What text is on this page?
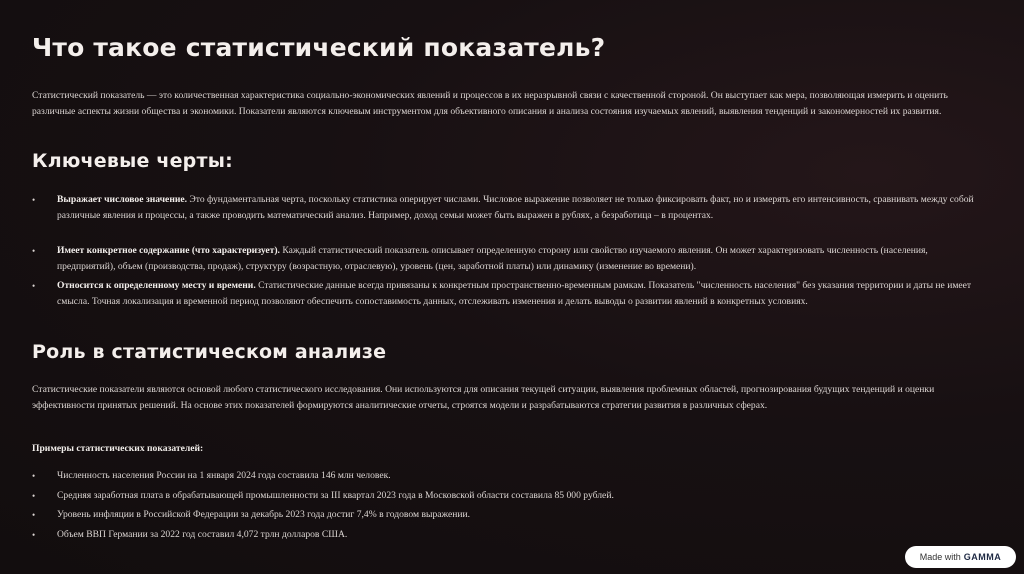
Что такое статистический показатель?

Статистический показатель — это количественная характеристика социально-экономических явлений и процессов в их неразрывной связи с качественной стороной. Он выступает как мера, позволяющая измерить и оценить различные аспекты жизни общества и экономики. Показатели являются ключевым инструментом для объективного описания и анализа состояния изучаемых явлений, выявления тенденций и закономерностей их развития.

Ключевые черты:
• Выражает числовое значение. Это фундаментальная черта, поскольку статистика оперирует числами. Числовое выражение позволяет не только фиксировать факт, но и измерять его интенсивность, сравнивать между собой различные явления и процессы, а также проводить математический анализ. Например, доход семьи может быть выражен в рублях, а безработица – в процентах.
• Имеет конкретное содержание (что характеризует). Каждый статистический показатель описывает определенную сторону или свойство изучаемого явления. Он может характеризовать численность (населения, предприятий), объем (производства, продаж), структуру (возрастную, отраслевую), уровень (цен, заработной платы) или динамику (изменение во времени).
• Относится к определенному месту и времени. Статистические данные всегда привязаны к конкретным пространственно-временным рамкам. Показатель "численность населения" без указания территории и даты не имеет смысла. Точная локализация и временной период позволяют обеспечить сопоставимость данных, отслеживать изменения и делать выводы о развитии явлений в конкретных условиях.
Роль в статистическом анализе

Статистические показатели являются основой любого статистического исследования. Они используются для описания текущей ситуации, выявления проблемных областей, прогнозирования будущих тенденций и оценки эффективности принятых решений. На основе этих показателей формируются аналитические отчеты, строятся модели и разрабатываются стратегии развития в различных сферах.

Примеры статистических показателей:
• Численность населения России на 1 января 2024 года составила 146 млн человек.
• Средняя заработная плата в обрабатывающей промышленности за III квартал 2023 года в Московской области составила 85 000 рублей.
• Уровень инфляции в Российской Федерации за декабрь 2023 года достиг 7,4% в годовом выражении.
• Объем ВВП Германии за 2022 год составил 4,072 трлн долларов США.
Made with GAMMA
